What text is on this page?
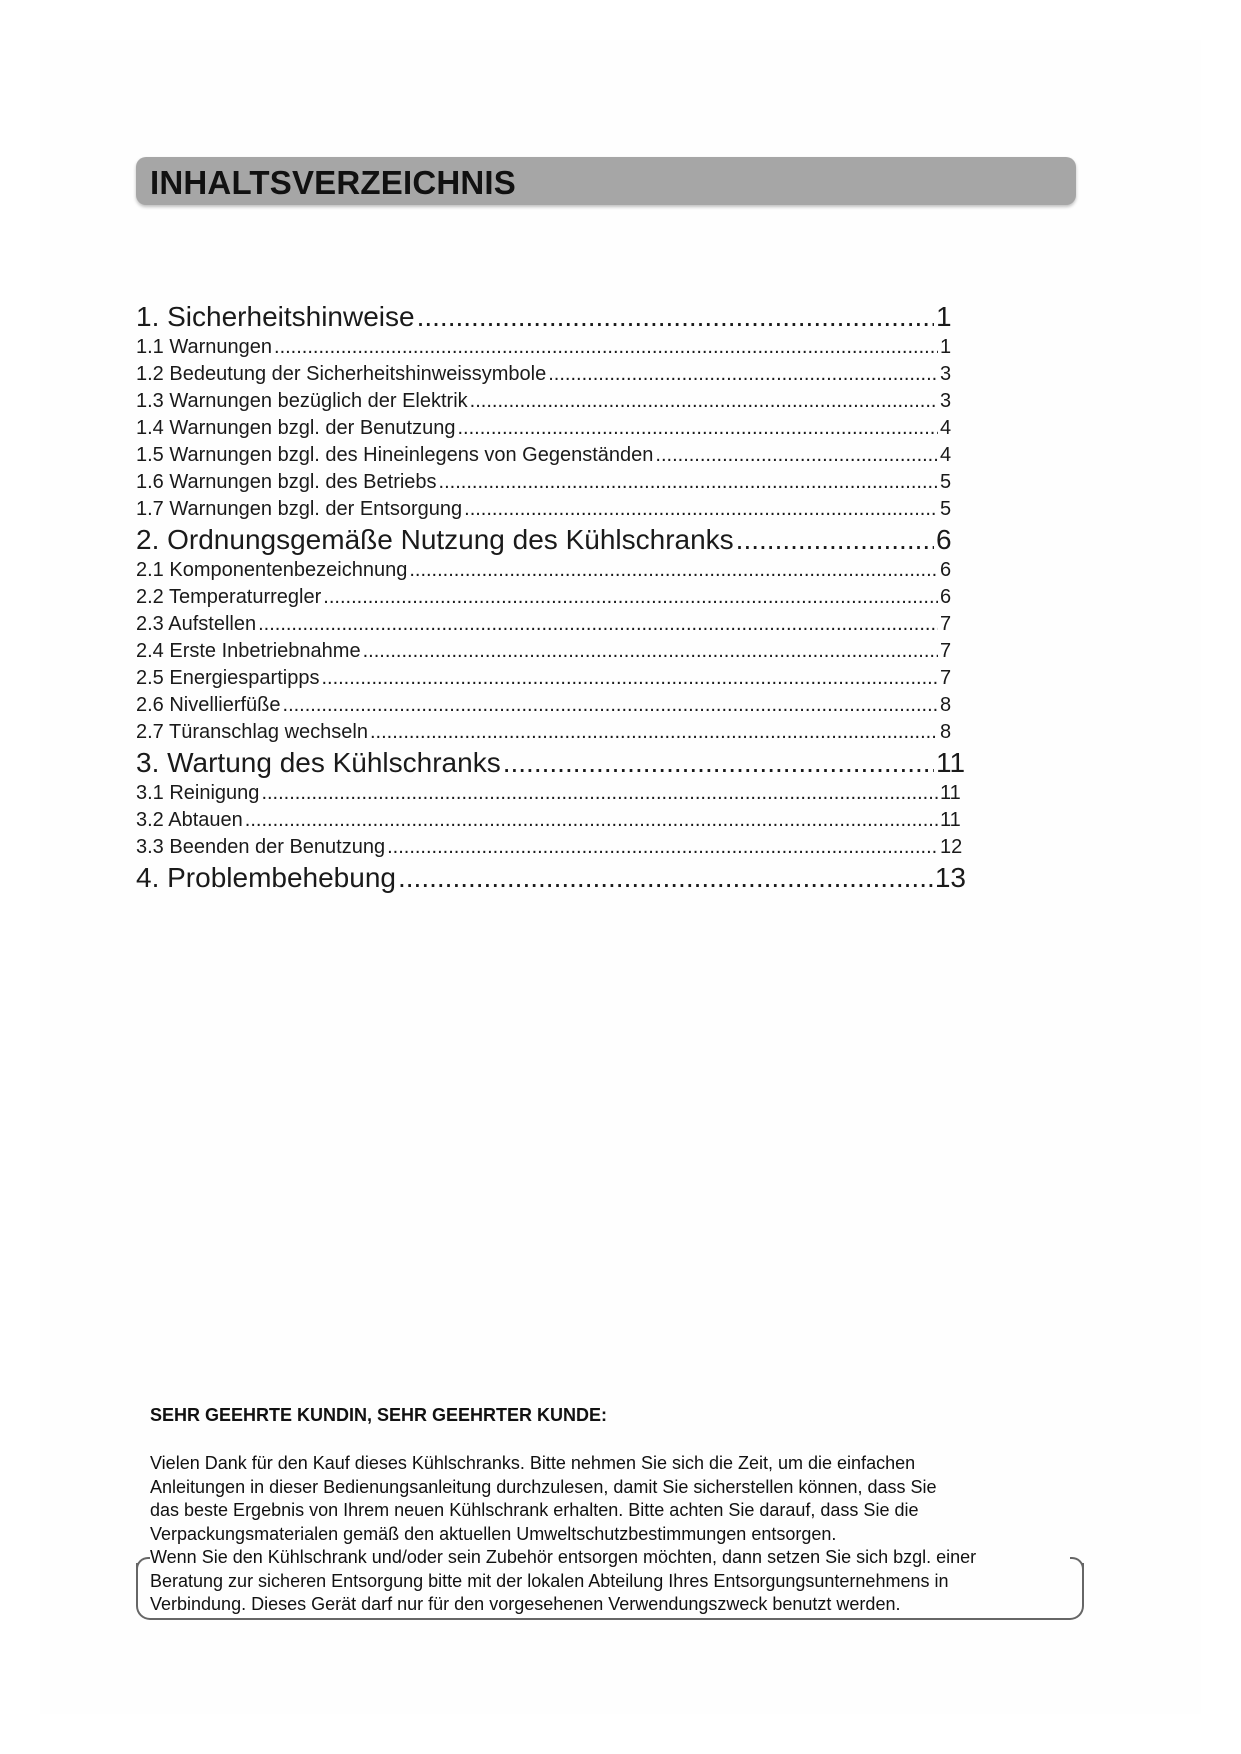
INHALTSVERZEICHNIS
1. Sicherheitshinweise .....	1
1.1 Warnungen .....	1
1.2 Bedeutung der Sicherheitshinweissymbole .....	3
1.3 Warnungen bezüglich der Elektrik .....	3
1.4 Warnungen bzgl. der Benutzung .....	4
1.5 Warnungen bzgl. des Hineinlegens von Gegenständen .....	4
1.6 Warnungen bzgl. des Betriebs .....	5
1.7 Warnungen bzgl. der Entsorgung .....	5
2. Ordnungsgemäße Nutzung des Kühlschranks .....	6
2.1 Komponentenbezeichnung .....	6
2.2 Temperaturregler .....	6
2.3 Aufstellen .....	7
2.4 Erste Inbetriebnahme .....	7
2.5 Energiespartipps .....	7
2.6 Nivellierfüße .....	8
2.7 Türanschlag wechseln .....	8
3. Wartung des Kühlschranks .....	11
3.1 Reinigung .....	11
3.2 Abtauen .....	11
3.3 Beenden der Benutzung .....	12
4. Problembehebung .....	13
SEHR GEEHRTE KUNDIN, SEHR GEEHRTER KUNDE:

Vielen Dank für den Kauf dieses Kühlschranks. Bitte nehmen Sie sich die Zeit, um die einfachen

Anleitungen in dieser Bedienungsanleitung durchzulesen, damit Sie sicherstellen können, dass Sie

das beste Ergebnis von Ihrem neuen Kühlschrank erhalten. Bitte achten Sie darauf, dass Sie die

Verpackungsmaterialen gemäß den aktuellen Umweltschutzbestimmungen entsorgen.

Wenn Sie den Kühlschrank und/oder sein Zubehör entsorgen möchten, dann setzen Sie sich bzgl. einer

Beratung zur sicheren Entsorgung bitte mit der lokalen Abteilung Ihres Entsorgungsunternehmens in

Verbindung. Dieses Gerät darf nur für den vorgesehenen Verwendungszweck benutzt werden.
